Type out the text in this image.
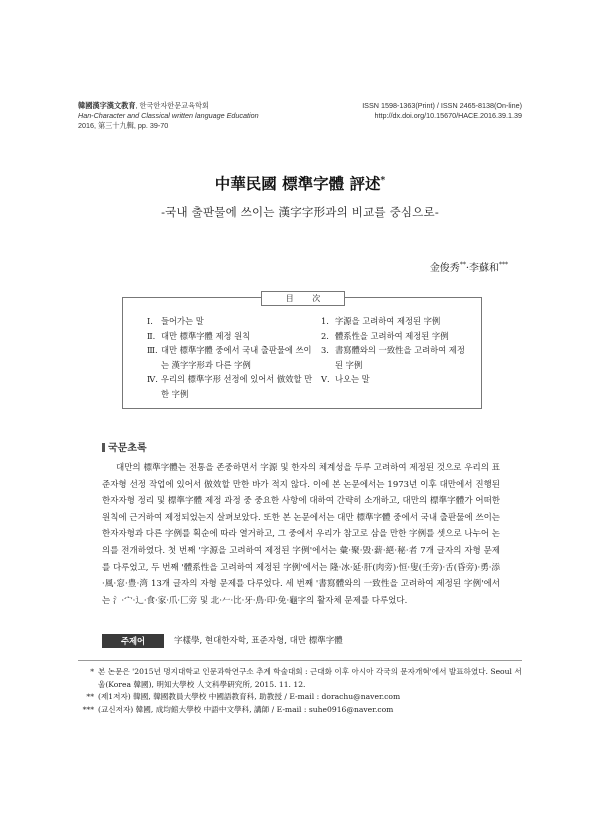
韓國漢字漢文教育, 한국한자한문교육학회
Han-Character and Classical written language Education
2016, 第三十九輯, pp. 39-70
ISSN 1598-1363(Print) / ISSN 2465-8138(On-line)
http://dx.doi.org/10.15670/HACE.2016.39.1.39
中華民國 標準字體 評述*
-국내 출판물에 쓰이는 漢字字形과의 비교를 중심으로-
金俊秀**·李蘇和***
目 次
Ⅰ. 들어가는 말
Ⅱ. 대만 標準字體 제정 원칙
Ⅲ. 대만 標準字體 중에서 국내 출판물에 쓰이는 漢字字形과 다른 字例
Ⅳ. 우리의 標準字形 선정에 있어서 倣效할 만한 字例
1. 字源을 고려하여 제정된 字例
2. 體系性을 고려하여 제정된 字例
3. 書寫體와의 一致性을 고려하여 제정된 字例
Ⅴ. 나오는 말
국문초록
대만의 標準字體는 전통을 존중하면서 字源 및 한자의 체계성을 두루 고려하여 제정된 것으로 우리의 표준자형 선정 작업에 있어서 倣效할 만한 바가 적지 않다. 이에 본 논문에서는 1973년 이후 대만에서 진행된 한자자형 정리 및 標準字體 제정 과정 중 중요한 사항에 대하여 간략히 소개하고, 대만의 標準字體가 어떠한 원칙에 근거하여 제정되었는지 살펴보았다. 또한 본 논문에서는 대만 標準字體 중에서 국내 출판물에 쓰이는 한자자형과 다른 字例를 획순에 따라 열거하고, 그 중에서 우리가 참고로 삼을 만한 字例를 셋으로 나누어 논의를 전개하였다. 첫 번째 '字源을 고려하여 제정된 字例'에서는 彙·聚·毀·薪·絕·秘·者 7개 글자의 자형 문제를 다루었고, 두 번째 '體系性을 고려하여 제정된 字例'에서는 隆·冰·延·肝(肉旁)·恒·叟(壬旁)·舌(昏旁)·勇·添·風·窓·豊·湾 13개 글자의 자형 문제를 다루었다. 세 번째 '書寫體와의 一致性을 고려하여 제정된 字例'에서는 氵·宀·辶·食·家·爪·匚旁 및 北·𠂉·比·牙·鳥·印·免·龜字의 활자체 문제를 다루었다.
주제어	字樣學, 현대한자학, 표준자형, 대만 標準字體
* 본 논문은 '2015년 명지대학교 인문과학연구소 추계 학술대회 : 근대화 이후 아시아 각국의 문자개혁'에서 발표하였다. Seoul 서울(Korea 韓國), 明知大學校 人文科學硏究所, 2015. 11. 12.
** (제1저자) 韓國, 韓國教員大學校 中國語教育科, 助教授 / E-mail : dorachu@naver.com
*** (교신저자) 韓國, 成均館大學校 中語中文學科, 講師 / E-mail : suhe0916@naver.com
